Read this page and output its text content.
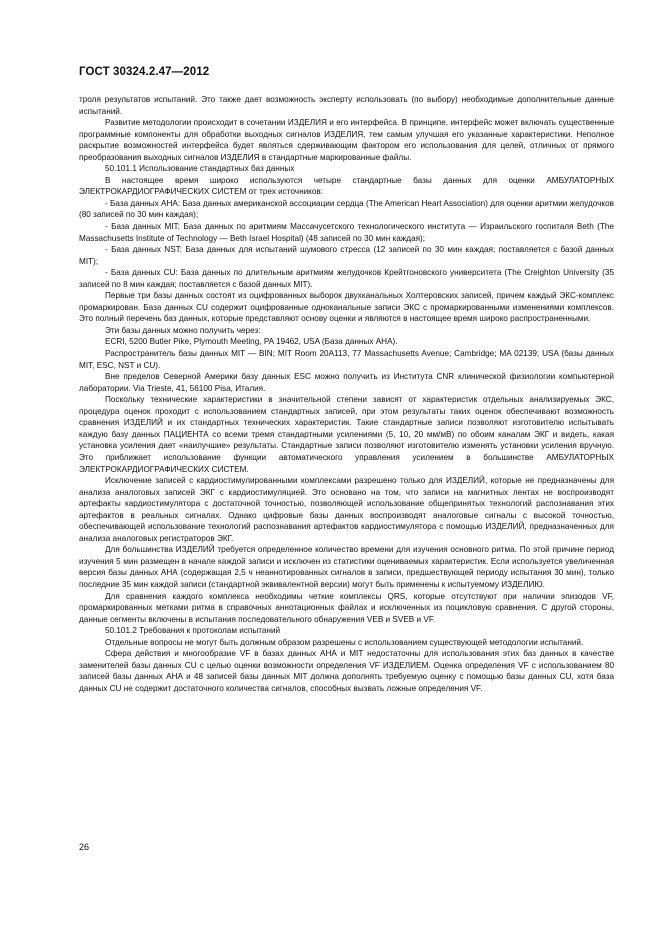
ГОСТ 30324.2.47—2012

троля результатов испытаний. Это также дает возможность эксперту использовать (по выбору) необходимые дополнительные данные испытаний.

Развитие методологии происходит в сочетании ИЗДЕЛИЯ и его интерфейса. В принципе, интерфейс может включать существенные программные компоненты для обработки выходных сигналов ИЗДЕЛИЯ, тем самым улучшая его указанные характеристики. Неполное раскрытие возможностей интерфейса будет являться сдерживающим фактором его использования для целей, отличных от прямого преобразования выходных сигналов ИЗДЕЛИЯ в стандартные маркированные файлы.

50.101.1 Использование стандартных баз данных

В настоящее время широко используются четыре стандартные базы данных для оценки АМБУЛАТОРНЫХ ЭЛЕКТРОКАРДИОГРАФИЧЕСКИХ СИСТЕМ от трех источников:

- База данных АНА: База данных американской ассоциации сердца (The American Heart Association) для оценки аритмии желудочков (80 записей по 30 мин каждая);

- База данных MIT: База данных по аритмиям Массачусетского технологического института — Израильского госпиталя Beth (The Massachusetts Institute of Technology — Beth Israel Hospital) (48 записей по 30 мин каждая);

- База данных NST: База данных для испытаний шумового стресса (12 записей по 30 мин каждая; поставляется с базой данных MIT);

- База данных CU: База данных по длительным аритмиям желудочков Крейтгоновского университета (The Creighton University (35 записей по 8 мин каждая; поставляется с базой данных MIT).

Первые три базы данных состоят из оцифрованных выборок двухканальных Холтеровских записей, причем каждый ЭКС-комплекс промаркирован. База данных CU содержит оцифрованные одноканальные записи ЭКС с промаркированными изменениями комплексов. Это полный перечень баз данных, которые представляют основу оценки и являются в настоящее время широко распространенными.

Эти базы данных можно получить через:

ECRI, 5200 Butler Pike, Plymouth Meeting, PA 19462, USA (База данных АНА).

Распространитель базы данных MIT — BIN; MIT Room 20A113, 77 Massachusetts Avenue; Cambridge; MA 02139; USA (базы данных MIT, ESC, NST и CU).

Вне пределов Северной Америки базу данных ESC можно получить из Института CNR клинической физиологии компьютерной лаборатории. Via Trieste, 41, 56100 Pisa, Италия.

Поскольку технические характеристики в значительной степени зависят от характеристик отдельных анализируемых ЭКС, процедура оценок проходит с использованием стандартных записей, при этом результаты таких оценок обеспечивают возможность сравнения ИЗДЕЛИЙ и их стандартных технических характеристик. Такие стандартные записи позволяют изготовителю испытывать каждую базу данных ПАЦИЕНТА со всеми тремя стандартными усилениями (5, 10, 20 мм/мВ) по обоим каналам ЭКГ и видеть, какая установка усиления дает «наилучшие» результаты. Стандартные записи позволяют изготовителю изменять установки усиления вручную. Это приближает использование функции автоматического управления усилением в большинстве АМБУЛАТОРНЫХ ЭЛЕКТРОКАРДИОГРАФИЧЕСКИХ СИСТЕМ.

Исключение записей с кардиостимулированными комплексами разрешено только для ИЗДЕЛИЙ, которые не предназначены для анализа аналоговых записей ЭКГ с кардиостимуляцией. Это основано на том, что записи на магнитных лентах не воспроизводят артефакты кардиостимулятора с достаточной точностью, позволяющей использование общепринятых технологий распознавания этих артефактов в реальных сигналах. Однако цифровые базы данных воспроизводят аналоговые сигналы с высокой точностью, обеспечивающей использование технологий распознавания артефактов кардиостимулятора с помощью ИЗДЕЛИЙ, предназначенных для анализа аналоговых регистраторов ЭКГ.

Для большинства ИЗДЕЛИЙ требуется определенное количество времени для изучения основного ритма. По этой причине период изучения 5 мин размещен в начале каждой записи и исключен из статистики оцениваемых характеристик. Если используется увеличенная версия базы данных АНА (содержащая 2,5 ч неаннотированных сигналов в записи, предшествующей периоду испытания 30 мин), только последние 35 мин каждой записи (стандартной эквивалентной версии) могут быть применены к испытуемому ИЗДЕЛИЮ.

Для сравнения каждого комплекса необходимы четкие комплексы QRS, которые отсутствуют при наличии эпизодов VF, промаркированных метками ритма в справочных аннотационных файлах и исключенных из поцикловую сравнения. С другой стороны, данные сегменты включены в испытания последовательного обнаружения VEB и SVEB и VF.

50.101.2 Требования к протоколам испытаний

Отдельные вопросы не могут быть должным образом разрешены с использованием существующей методологии испытаний.

Сфера действия и многообразие VF в базах данных АНА и MIT недостаточны для использования этих баз данных в качестве заменителей базы данных CU с целью оценки возможности определения VF ИЗДЕЛИЕМ. Оценка определения VF с использованием 80 записей базы данных АНА и 48 записей базы данных MIT должна дополнять требуемую оценку с помощью базы данных CU, хотя база данных CU не содержит достаточного количества сигналов, способных вызвать ложные определения VF.

26
